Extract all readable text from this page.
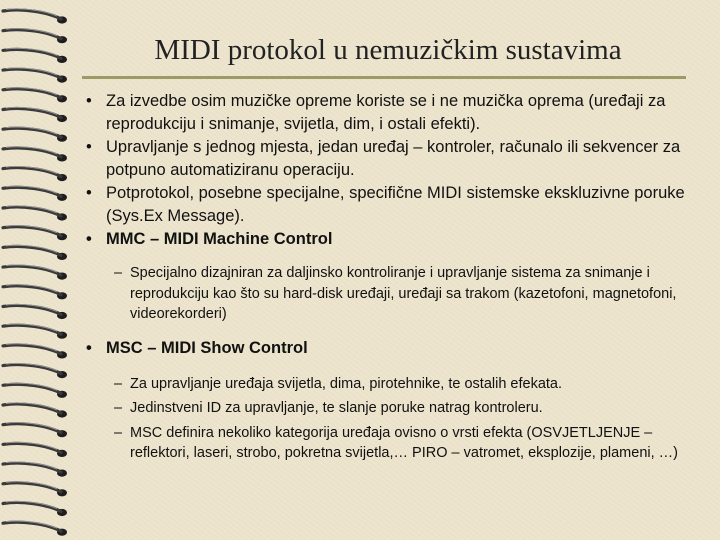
MIDI protokol u nemuzičkim sustavima

• Za izvedbe osim muzičke opreme koriste se i ne muzička oprema (uređaji za reprodukciju i snimanje, svijetla, dim, i ostali efekti).

• Upravljanje s jednog mjesta, jedan uređaj – kontroler, računalo ili sekvencer za potpuno automatiziranu operaciju.

• Potprotokol, posebne specijalne, specifične MIDI sistemske ekskluzivne poruke (Sys.Ex Message).

• MMC – MIDI Machine Control

– Specijalno dizajniran za daljinsko kontroliranje i upravljanje sistema za snimanje i reprodukciju kao što su hard-disk uređaji, uređaji sa trakom (kazetofoni, magnetofoni, videorekorderi)

• MSC – MIDI Show Control

– Za upravljanje uređaja svijetla, dima, pirotehnike, te ostalih efekata.

– Jedinstveni ID za upravljanje, te slanje poruke natrag kontroleru.

– MSC definira nekoliko kategorija uređaja ovisno o vrsti efekta (OSVJETLJENJE – reflektori, laseri, strobo, pokretna svijetla,… PIRO – vatromet, eksplozije, plameni, …)
